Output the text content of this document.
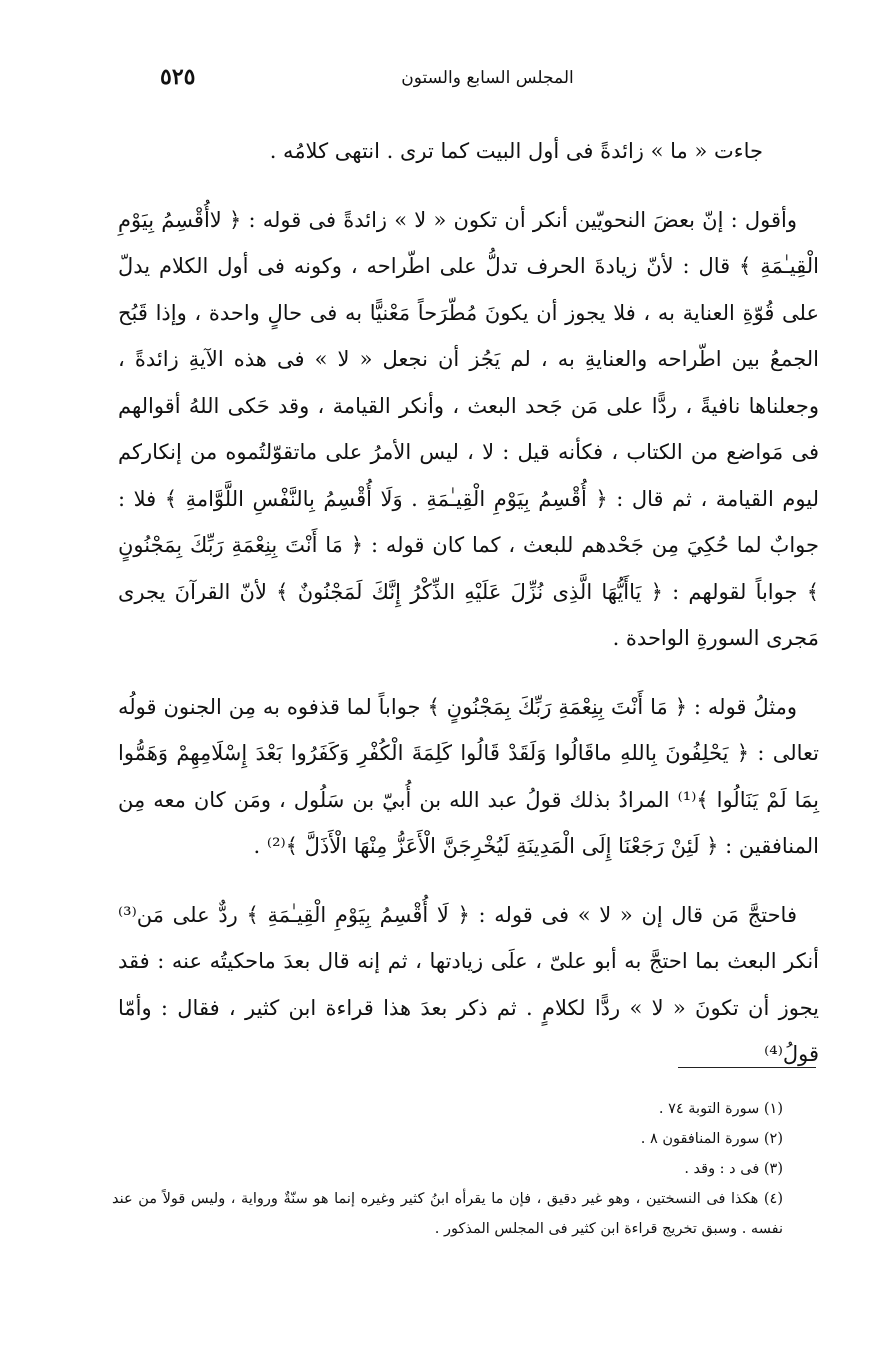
المجلس السابع والستون
٥٢٥

جاءت « ما » زائدةً فى أول البيت كما ترى . انتهى كلامُه .

وأقول : إنّ بعضَ النحويّين أنكر أن تكون « لا » زائدةً فى قوله : ﴿ لاأُقْسِمُ بِيَوْمِ الْقِيـٰمَةِ ﴾ قال : لأنّ زيادةَ الحرف تدلُّ على اطّراحه ، وكونه فى أول الكلام يدلّ على قُوّةِ العناية به ، فلا يجوز أن يكونَ مُطّرَحاً مَعْنيًّا به فى حالٍ واحدة ، وإذا قَبُح الجمعُ بين اطّراحه والعنايةِ به ، لم يَجُز أن نجعل « لا » فى هذه الآيةِ زائدةً ، وجعلناها نافيةً ، ردًّا على مَن جَحد البعث ، وأنكر القيامة ، وقد حَكى اللهُ أقوالهم فى مَواضع من الكتاب ، فكأنه قيل : لا ، ليس الأمرُ على ماتقوّلتُموه من إنكاركم ليوم القيامة ، ثم قال : ﴿ أُقْسِمُ بِيَوْمِ الْقِيـٰمَةِ . وَلَا أُقْسِمُ بِالنَّفْسِ اللَّوَّامةِ ﴾ فلا : جوابٌ لما حُكِيَ مِن جَحْدهم للبعث ، كما كان قوله : ﴿ مَا أَنْتَ بِنِعْمَةِ رَبِّكَ بِمَجْنُونٍ ﴾ جواباً لقولهم : ﴿ يَاأَيُّهَا الَّذِى نُزِّلَ عَلَيْهِ الذِّكْرُ إِنَّكَ لَمَجْنُونٌ ﴾ لأنّ القرآنَ يجرى مَجرى السورةِ الواحدة .

ومثلُ قوله : ﴿ مَا أَنْتَ بِنِعْمَةِ رَبِّكَ بِمَجْنُونٍ ﴾ جواباً لما قذفوه به مِن الجنون قولُه تعالى : ﴿ يَحْلِفُونَ بِاللهِ ماقَالُوا وَلَقَدْ قَالُوا كَلِمَةَ الْكُفْرِ وَكَفَرُوا بَعْدَ إِسْلَامِهِمْ وَهَمُّوا بِمَا لَمْ يَنَالُوا ﴾⁽¹⁾ المرادُ بذلك قولُ عبد الله بن أُبيّ بن سَلُول ، ومَن كان معه مِن المنافقين : ﴿ لَئِنْ رَجَعْنَا إِلَى الْمَدِينَةِ لَيُخْرِجَنَّ الْأَعَزُّ مِنْهَا الْأَذَلَّ ﴾⁽²⁾ .

فاحتجَّ مَن قال إن « لا » فى قوله : ﴿ لَا أُقْسِمُ بِيَوْمِ الْقِيـٰمَةِ ﴾ ردٌّ على مَن⁽³⁾ أنكر البعث بما احتجَّ به أبو علىّ ، علَى زيادتها ، ثم إنه قال بعدَ ماحكيتُه عنه : فقد يجوز أن تكونَ « لا » ردًّا لكلامٍ . ثم ذكر بعدَ هذا قراءة ابن كثير ، فقال : وأمّا قولُ⁽⁴⁾

(١) سورة التوبة ٧٤ .

(٢) سورة المنافقون ٨ .

(٣) فى د : وقد .

(٤) هكذا فى النسختين ، وهو غير دقيق ، فإن ما يقرأه ابنُ كثير وغيره إنما هو سنّةٌ ورواية ، وليس قولاً من عند نفسه . وسبق تخريج قراءة ابن كثير فى المجلس المذكور .
